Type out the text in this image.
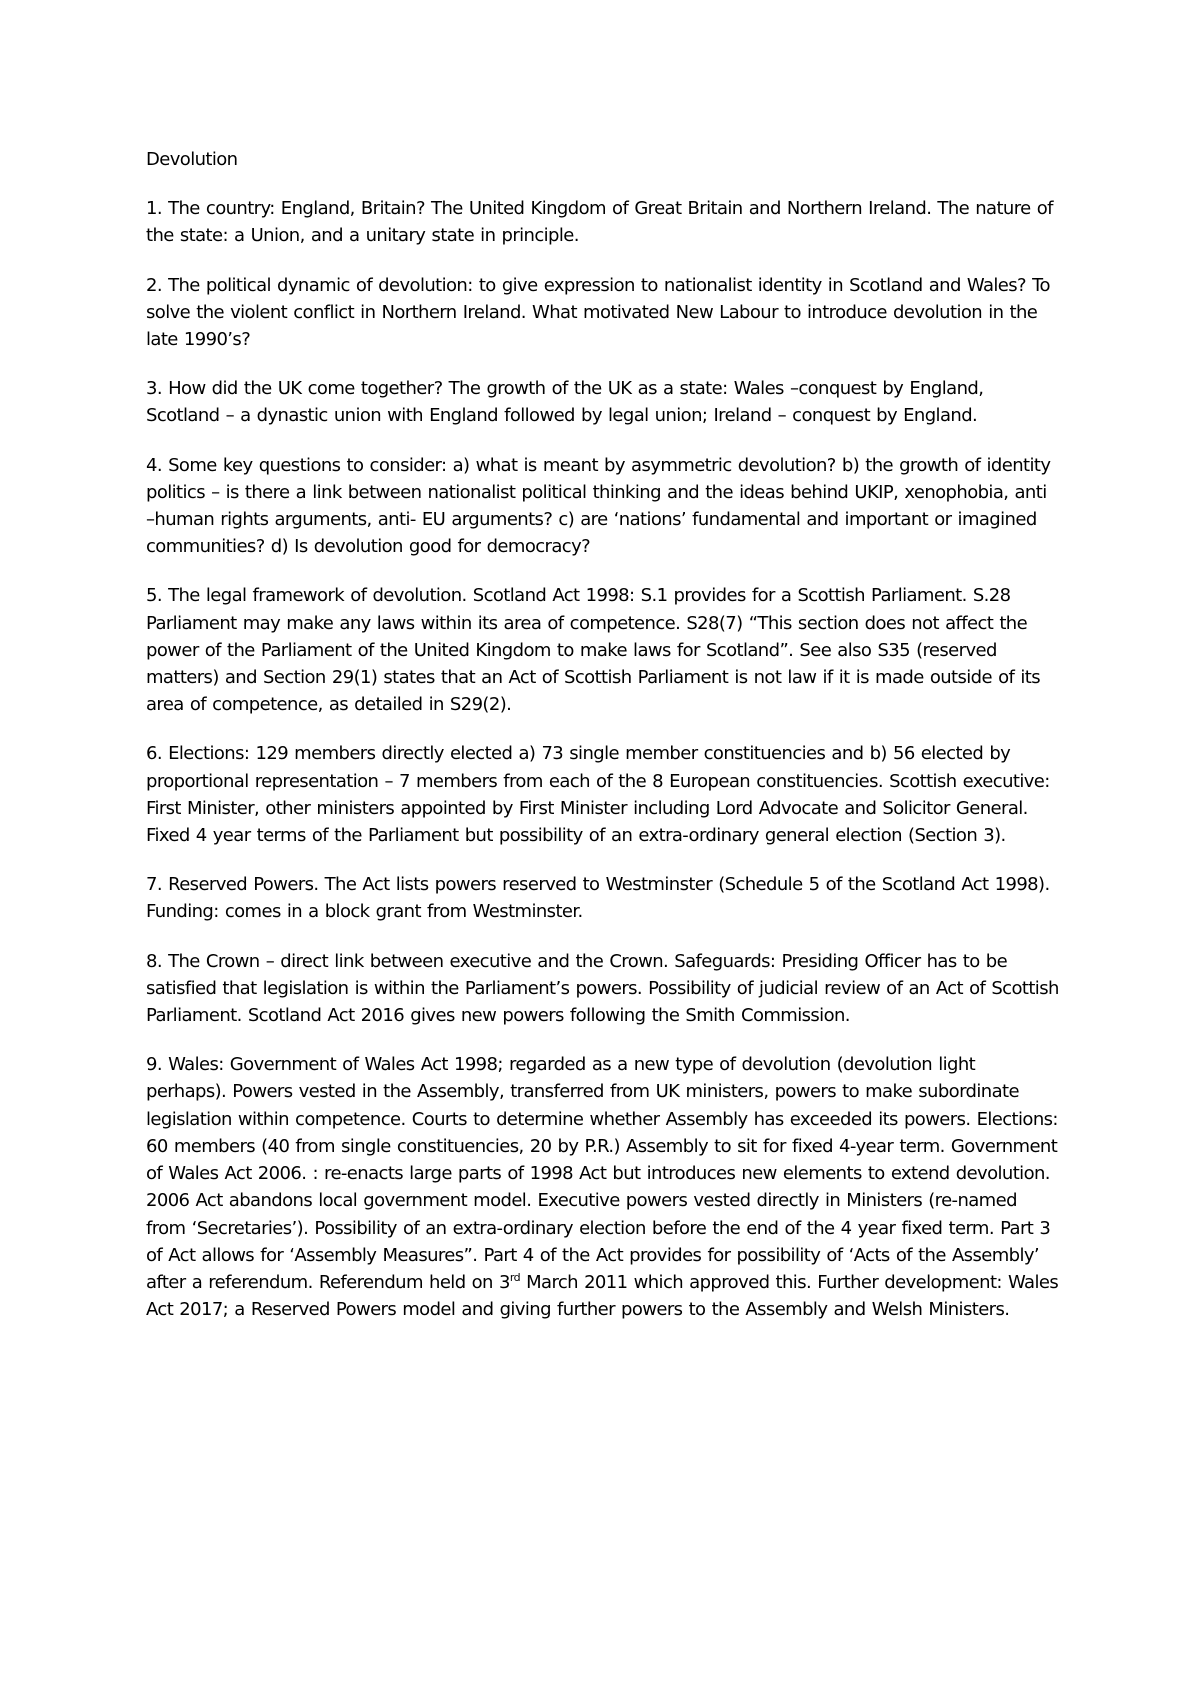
Devolution

1. The country: England, Britain? The United Kingdom of Great Britain and Northern Ireland. The nature of the state: a Union, and a unitary state in principle.

2. The political dynamic of devolution: to give expression to nationalist identity in Scotland and Wales? To solve the violent conflict in Northern Ireland. What motivated New Labour to introduce devolution in the late 1990’s?

3. How did the UK come together? The growth of the UK as a state: Wales –conquest by England, Scotland – a dynastic union with England followed by legal union; Ireland – conquest by England.

4. Some key questions to consider: a) what is meant by asymmetric devolution? b) the growth of identity politics – is there a link between nationalist political thinking and the ideas behind UKIP, xenophobia, anti –human rights arguments, anti- EU arguments? c) are ‘nations’ fundamental and important or imagined communities? d) Is devolution good for democracy?

5. The legal framework of devolution. Scotland Act 1998: S.1 provides for a Scottish Parliament. S.28 Parliament may make any laws within its area of competence. S28(7) “This section does not affect the power of the Parliament of the United Kingdom to make laws for Scotland”. See also S35 (reserved matters) and Section 29(1) states that an Act of Scottish Parliament is not law if it is made outside of its area of competence, as detailed in S29(2).

6. Elections: 129 members directly elected a) 73 single member constituencies and b) 56 elected by proportional representation – 7 members from each of the 8 European constituencies. Scottish executive: First Minister, other ministers appointed by First Minister including Lord Advocate and Solicitor General. Fixed 4 year terms of the Parliament but possibility of an extra-ordinary general election (Section 3).

7. Reserved Powers. The Act lists powers reserved to Westminster (Schedule 5 of the Scotland Act 1998). Funding: comes in a block grant from Westminster.

8. The Crown – direct link between executive and the Crown. Safeguards: Presiding Officer has to be satisfied that legislation is within the Parliament’s powers. Possibility of judicial review of an Act of Scottish Parliament. Scotland Act 2016 gives new powers following the Smith Commission.

9. Wales: Government of Wales Act 1998; regarded as a new type of devolution (devolution light perhaps). Powers vested in the Assembly, transferred from UK ministers, powers to make subordinate legislation within competence. Courts to determine whether Assembly has exceeded its powers. Elections: 60 members (40 from single constituencies, 20 by P.R.) Assembly to sit for fixed 4-year term. Government of Wales Act 2006. : re-enacts large parts of 1998 Act but introduces new elements to extend devolution. 2006 Act abandons local government model. Executive powers vested directly in Ministers (re-named from ‘Secretaries’). Possibility of an extra-ordinary election before the end of the 4 year fixed term. Part 3 of Act allows for ‘Assembly Measures”. Part 4 of the Act provides for possibility of ‘Acts of the Assembly’ after a referendum. Referendum held on 3rd March 2011 which approved this. Further development: Wales Act 2017; a Reserved Powers model and giving further powers to the Assembly and Welsh Ministers.
